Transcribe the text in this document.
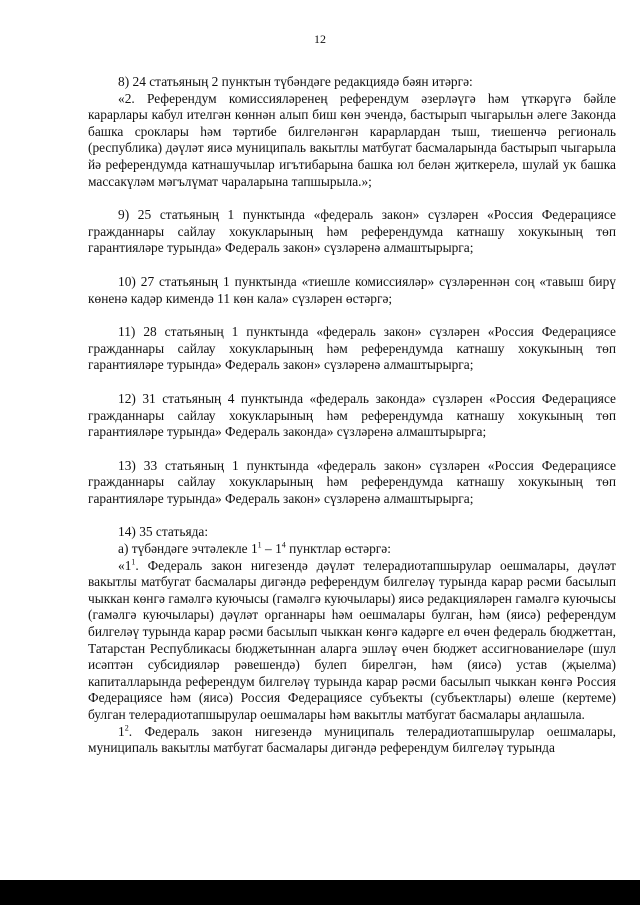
12

8) 24 статьяның 2 пунктын түбәндәге редакциядә бәян итәргә:

«2. Референдум комиссияләренең референдум әзерләүгә һәм үткәрүгә бәйле карарлары кабул ителгән көннән алып биш көн эчендә, бастырып чыгарыльн әлеге Законда башка сроклары һәм тәртибе билгеләнгән карарлардан тыш, тиешенчә региональ (республика) дәүләт яисә муниципаль вакытлы матбугат басмаларында бастырып чыгарыла йә референдумда катнашучылар игътибарына башка юл белән җиткерелә, шулай ук башка массакүләм мәгълүмат чараларына тапшырыла.»;

9) 25 статьяның 1 пунктында «федераль закон» сүзләрен «Россия Федерациясе гражданнары сайлау хокукларының һәм референдумда катнашу хокукының төп гарантияләре турында» Федераль закон» сүзләренә алмаштырырга;

10) 27 статьяның 1 пунктында «тиешле комиссияләр» сүзләреннән соң «тавыш бирү көненә кадәр кимендә 11 көн кала» сүзләрен өстәргә;

11) 28 статьяның 1 пунктында «федераль закон» сүзләрен «Россия Федерациясе гражданнары сайлау хокукларының һәм референдумда катнашу хокукының төп гарантияләре турында» Федераль закон» сүзләренә алмаштырырга;

12) 31 статьяның 4 пунктында «федераль законда» сүзләрен «Россия Федерациясе гражданнары сайлау хокукларының һәм референдумда катнашу хокукының төп гарантияләре турында» Федераль законда» сүзләренә алмаштырырга;

13) 33 статьяның 1 пунктында «федераль закон» сүзләрен «Россия Федерациясе гражданнары сайлау хокукларының һәм референдумда катнашу хокукының төп гарантияләре турында» Федераль закон» сүзләренә алмаштырырга;

14) 35 статьяда:

а) түбәндәге эчтәлекле $1^1 - 1^4$ пунктлар өстәргә:

«$1^1$. Федераль закон нигезендә дәүләт телерадиотапшырулар оешмалары, дәүләт вакытлы матбугат басмалары дигәндә референдум билгеләү турында карар рәсми басылып чыккан көнгә гамәлгә куючысы (гамәлгә куючылары) яисә редакцияләрен гамәлгә куючысы (гамәлгә куючылары) дәүләт органнары һәм оешмалары булган, һәм (яисә) референдум билгеләү турында карар рәсми басылып чыккан көнгә кадәрге ел өчен федераль бюджеттан, Татарстан Республикасы бюджетыннан аларга эшләү өчен бюджет ассигнованиеләре (шул исәптән субсидияләр рәвешендә) булеп бирелгән, һәм (яисә) устав (җыелма) капиталларында референдум билгеләү турында карар рәсми басылып чыккан көнгә Россия Федерациясе һәм (яисә) Россия Федерациясе субъекты (субъектлары) өлеше (кертеме) булган телерадиотапшырулар оешмалары һәм вакытлы матбугат басмалары аңлашыла.

$1^2$. Федераль закон нигезендә муниципаль телерадиотапшырулар оешмалары, муниципаль вакытлы матбугат басмалары дигәндә референдум билгеләү турында
